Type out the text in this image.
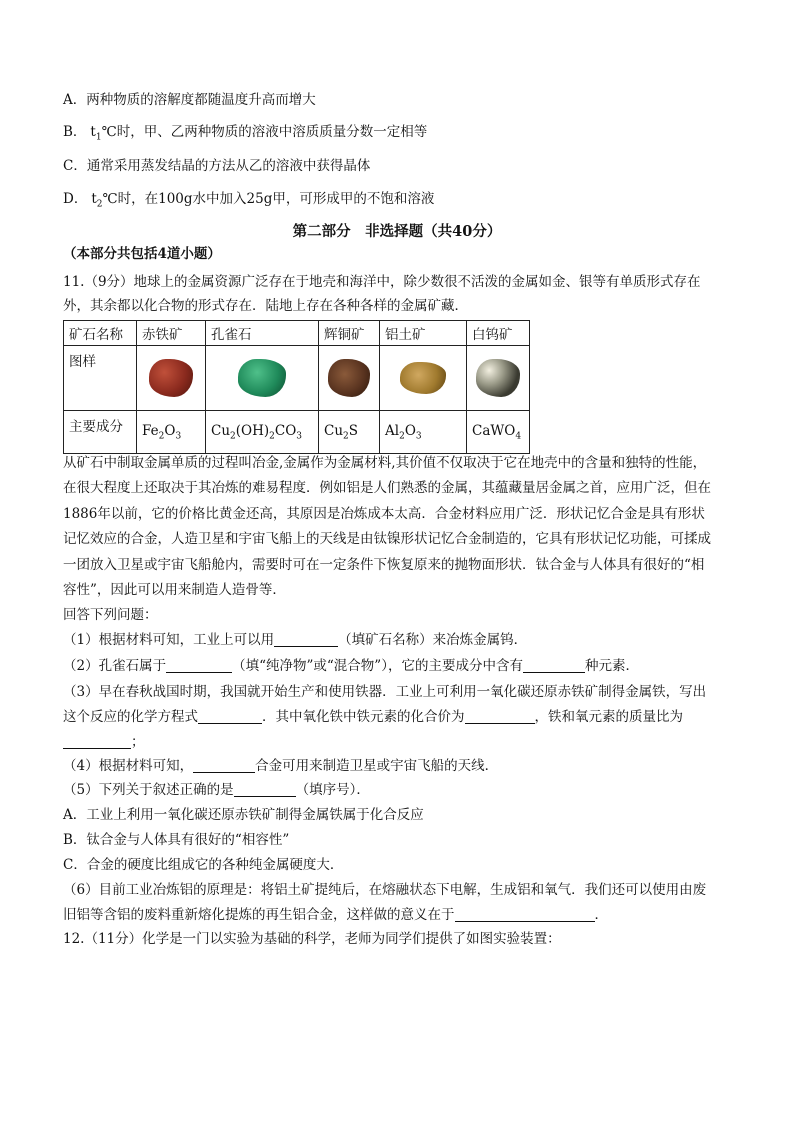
A．两种物质的溶解度都随温度升高而增大
B． $t_1℃$时，甲、乙两种物质的溶液中溶质质量分数一定相等
C．通常采用蒸发结晶的方法从乙的溶液中获得晶体
D． $t_2℃$时，在100g水中加入25g甲，可形成甲的不饱和溶液
第二部分　非选择题（共40分）
（本部分共包括4道小题）
11.（9分）地球上的金属资源广泛存在于地壳和海洋中，除少数很不活泼的金属如金、银等有单质形式存在
外，其余都以化合物的形式存在．陆地上存在各种各样的金属矿藏．
矿石名称	赤铁矿	孔雀石	辉铜矿	铝土矿	白钨矿
图样	

主要成分	$Fe_2O_3$	$Cu_2(OH)_2CO_3$	$Cu_2S$	$Al_2O_3$	CaWO$_4$
从矿石中制取金属单质的过程叫冶金,金属作为金属材料,其价值不仅取决于它在地壳中的含量和独特的性能，
在很大程度上还取决于其冶炼的难易程度．例如铝是人们熟悉的金属，其蕴藏量居金属之首，应用广泛，但在
1886年以前，它的价格比黄金还高，其原因是冶炼成本太高．合金材料应用广泛．形状记忆合金是具有形状
记忆效应的合金，人造卫星和宇宙飞船上的天线是由钛镍形状记忆合金制造的，它具有形状记忆功能，可揉成
一团放入卫星或宇宙飞船舱内，需要时可在一定条件下恢复原来的抛物面形状．钛合金与人体具有很好的“相
容性”，因此可以用来制造人造骨等．
回答下列问题：
（1）根据材料可知，工业上可以用	（填矿石名称）来冶炼金属钨．
（2）孔雀石属于	（填“纯净物”或“混合物”），它的主要成分中含有	种元素．
（3）早在春秋战国时期，我国就开始生产和使用铁器．工业上可利用一氧化碳还原赤铁矿制得金属铁，写出
这个反应的化学方程式	．其中氧化铁中铁元素的化合价为	，铁和氧元素的质量比为
；
（4）根据材料可知，	合金可用来制造卫星或宇宙飞船的天线．
（5）下列关于叙述正确的是	（填序号）．
A．工业上利用一氧化碳还原赤铁矿制得金属铁属于化合反应
B．钛合金与人体具有很好的“相容性”
C．合金的硬度比组成它的各种纯金属硬度大．
（6）目前工业冶炼铝的原理是：将铝土矿提纯后，在熔融状态下电解，生成铝和氧气．我们还可以使用由废
旧铝等含铝的废料重新熔化提炼的再生铝合金，这样做的意义在于	．
12.（11分）化学是一门以实验为基础的科学，老师为同学们提供了如图实验装置：
